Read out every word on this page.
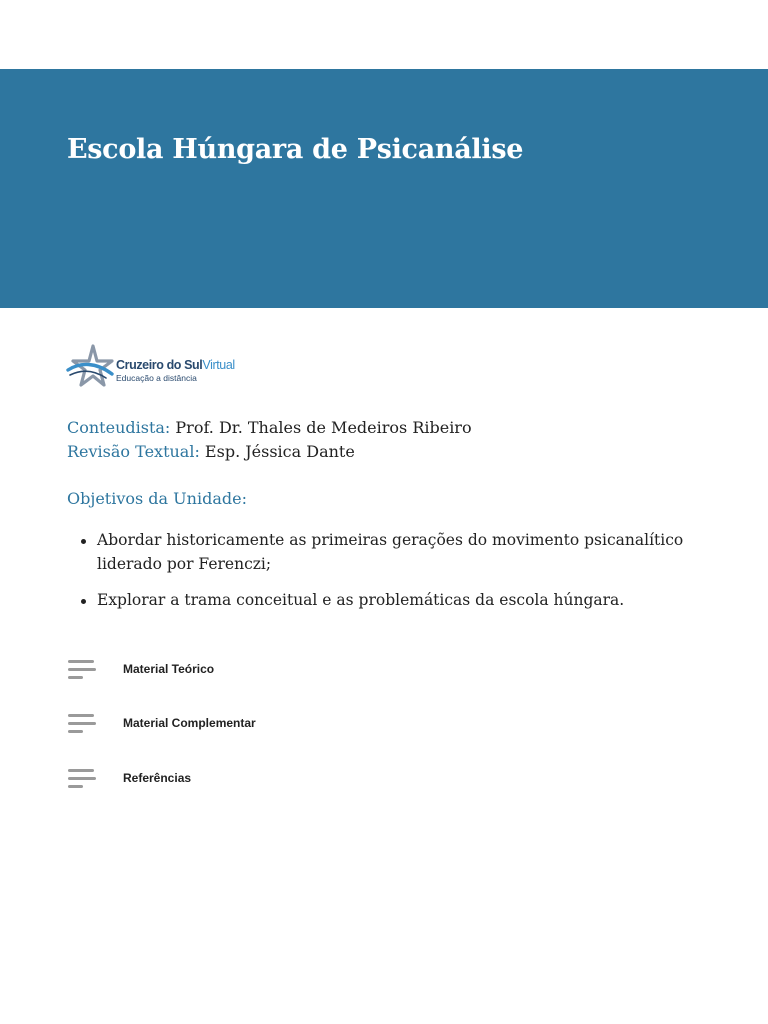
Escola Húngara de Psicanálise
Cruzeiro do SulVirtual
Educação a distância
Conteudista: Prof. Dr. Thales de Medeiros Ribeiro
Revisão Textual: Esp. Jéssica Dante
Objetivos da Unidade:
Abordar historicamente as primeiras gerações do movimento psicanalítico liderado por Ferenczi;
Explorar a trama conceitual e as problemáticas da escola húngara.
Material Teórico
Material Complementar
Referências
